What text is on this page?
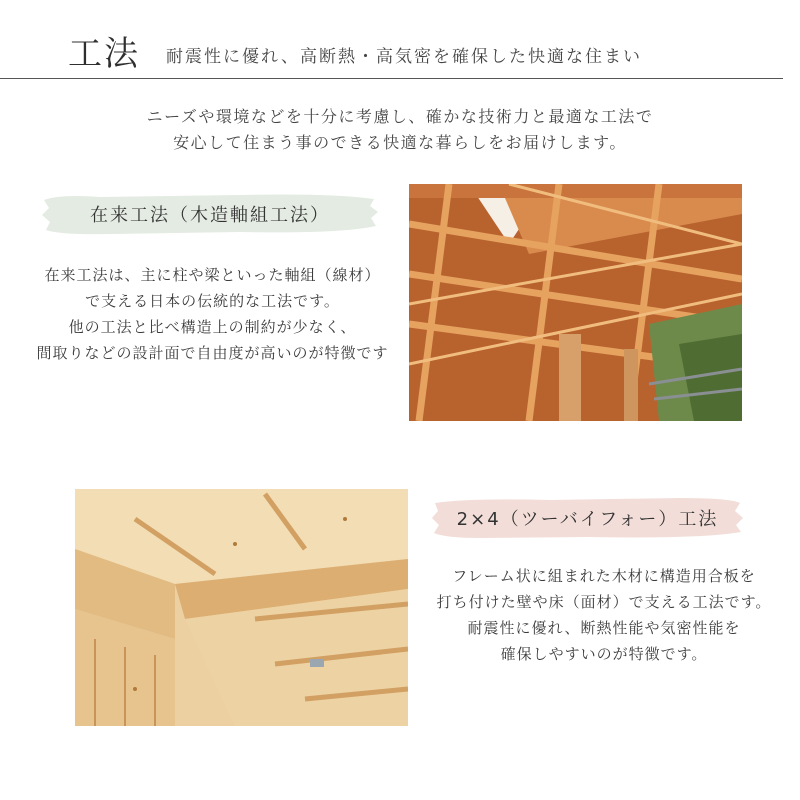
工法 耐震性に優れ、高断熱・高気密を確保した快適な住まい
ニーズや環境などを十分に考慮し、確かな技術力と最適な工法で
安心して住まう事のできる快適な暮らしをお届けします。
在来工法（木造軸組工法）
在来工法は、主に柱や梁といった軸組（線材）
で支える日本の伝統的な工法です。
他の工法と比べ構造上の制約が少なく、
間取りなどの設計面で自由度が高いのが特徴です
2×4（ツーバイフォー）工法
フレーム状に組まれた木材に構造用合板を
打ち付けた壁や床（面材）で支える工法です。
耐震性に優れ、断熱性能や気密性能を
確保しやすいのが特徴です。
